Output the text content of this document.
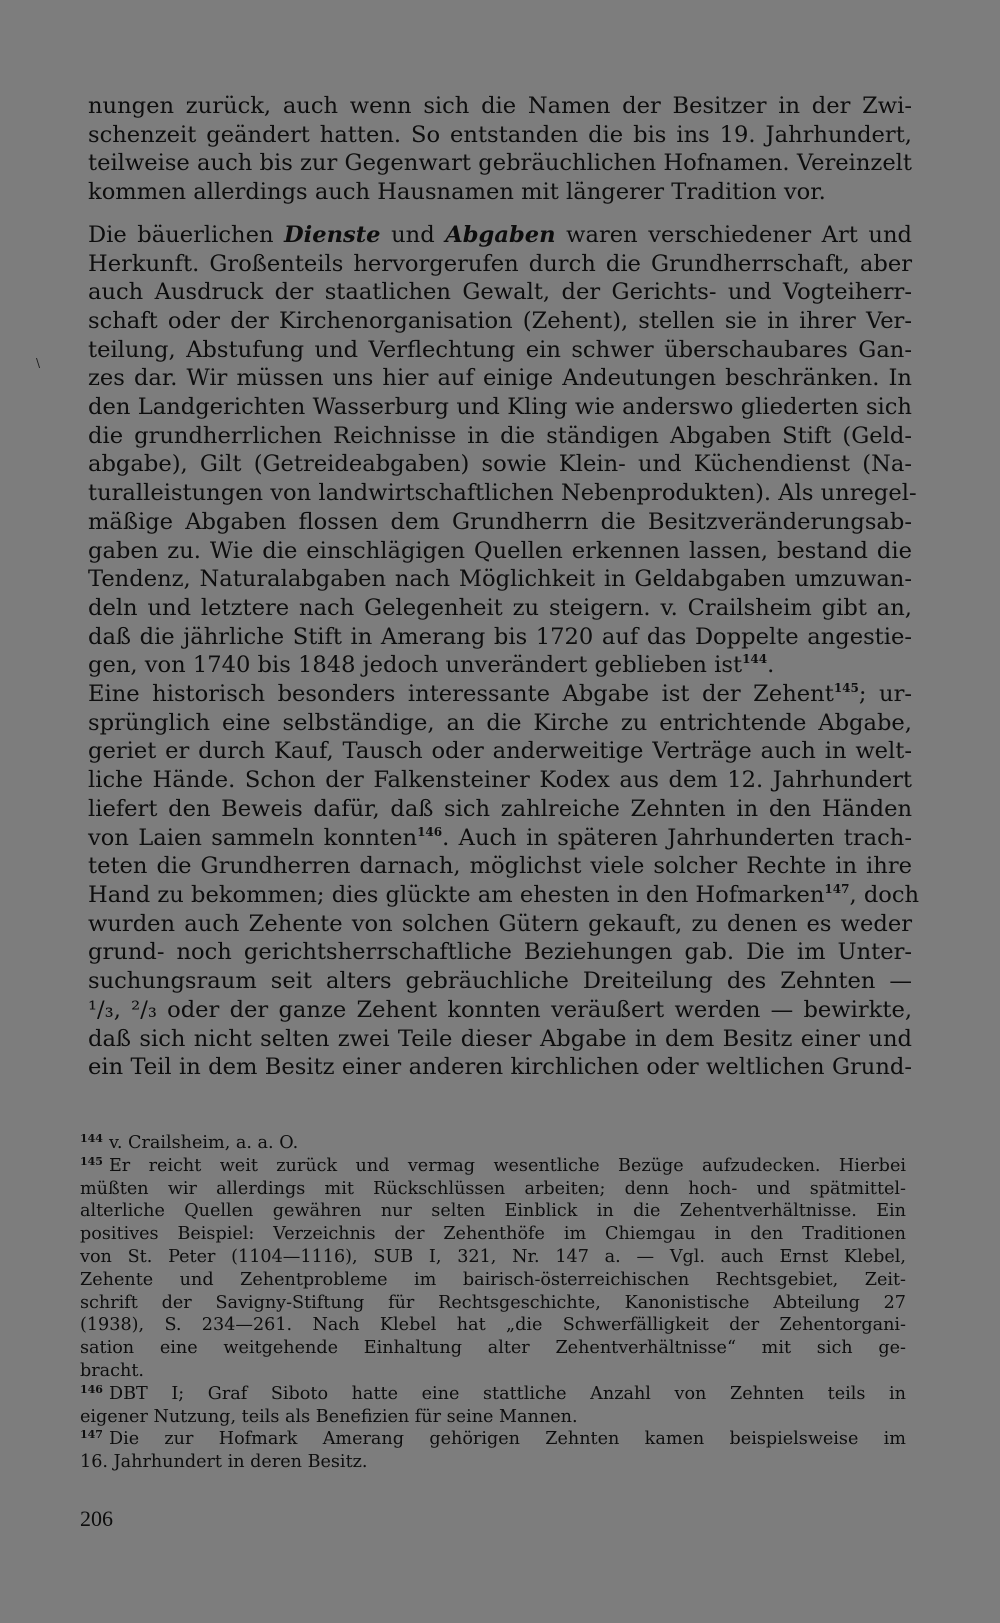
\

nungen zurück, auch wenn sich die Namen der Besitzer in der Zwi-
schenzeit geändert hatten. So entstanden die bis ins 19. Jahrhundert,
teilweise auch bis zur Gegenwart gebräuchlichen Hofnamen. Vereinzelt
kommen allerdings auch Hausnamen mit längerer Tradition vor.

Die bäuerlichen Dienste und Abgaben waren verschiedener Art und
Herkunft. Großenteils hervorgerufen durch die Grundherrschaft, aber
auch Ausdruck der staatlichen Gewalt, der Gerichts- und Vogteiherr-
schaft oder der Kirchenorganisation (Zehent), stellen sie in ihrer Ver-
teilung, Abstufung und Verflechtung ein schwer überschaubares Gan-
zes dar. Wir müssen uns hier auf einige Andeutungen beschränken. In
den Landgerichten Wasserburg und Kling wie anderswo gliederten sich
die grundherrlichen Reichnisse in die ständigen Abgaben Stift (Geld-
abgabe), Gilt (Getreideabgaben) sowie Klein- und Küchendienst (Na-
turalleistungen von landwirtschaftlichen Nebenprodukten). Als unregel-
mäßige Abgaben flossen dem Grundherrn die Besitzveränderungsab-
gaben zu. Wie die einschlägigen Quellen erkennen lassen, bestand die
Tendenz, Naturalabgaben nach Möglichkeit in Geldabgaben umzuwan-
deln und letztere nach Gelegenheit zu steigern. v. Crailsheim gibt an,
daß die jährliche Stift in Amerang bis 1720 auf das Doppelte angestie-
gen, von 1740 bis 1848 jedoch unverändert geblieben ist$^{144}$.

Eine historisch besonders interessante Abgabe ist der Zehent$^{145}$; ur-
sprünglich eine selbständige, an die Kirche zu entrichtende Abgabe,
geriet er durch Kauf, Tausch oder anderweitige Verträge auch in welt-
liche Hände. Schon der Falkensteiner Kodex aus dem 12. Jahrhundert
liefert den Beweis dafür, daß sich zahlreiche Zehnten in den Händen
von Laien sammeln konnten$^{146}$. Auch in späteren Jahrhunderten trach-
teten die Grundherren darnach, möglichst viele solcher Rechte in ihre
Hand zu bekommen; dies glückte am ehesten in den Hofmarken$^{147}$, doch
wurden auch Zehente von solchen Gütern gekauft, zu denen es weder
grund- noch gerichtsherrschaftliche Beziehungen gab. Die im Unter-
suchungsraum seit alters gebräuchliche Dreiteilung des Zehnten —
¹/₃, ²/₃ oder der ganze Zehent konnten veräußert werden — bewirkte,
daß sich nicht selten zwei Teile dieser Abgabe in dem Besitz einer und
ein Teil in dem Besitz einer anderen kirchlichen oder weltlichen Grund-

$^{144}$ v. Crailsheim, a. a. O.
$^{145}$ Er reicht weit zurück und vermag wesentliche Bezüge aufzudecken. Hierbei
müßten wir allerdings mit Rückschlüssen arbeiten; denn hoch- und spätmittel-
alterliche Quellen gewähren nur selten Einblick in die Zehentverhältnisse. Ein
positives Beispiel: Verzeichnis der Zehenthöfe im Chiemgau in den Traditionen
von St. Peter (1104—1116), SUB I, 321, Nr. 147 a. — Vgl. auch Ernst Klebel,
Zehente und Zehentprobleme im bairisch-österreichischen Rechtsgebiet, Zeit-
schrift der Savigny-Stiftung für Rechtsgeschichte, Kanonistische Abteilung 27
(1938), S. 234—261. Nach Klebel hat „die Schwerfälligkeit der Zehentorgani-
sation eine weitgehende Einhaltung alter Zehentverhältnisse“ mit sich ge-
bracht.
$^{146}$ DBT I; Graf Siboto hatte eine stattliche Anzahl von Zehnten teils in
eigener Nutzung, teils als Benefizien für seine Mannen.
$^{147}$ Die zur Hofmark Amerang gehörigen Zehnten kamen beispielsweise im
16. Jahrhundert in deren Besitz.
206
